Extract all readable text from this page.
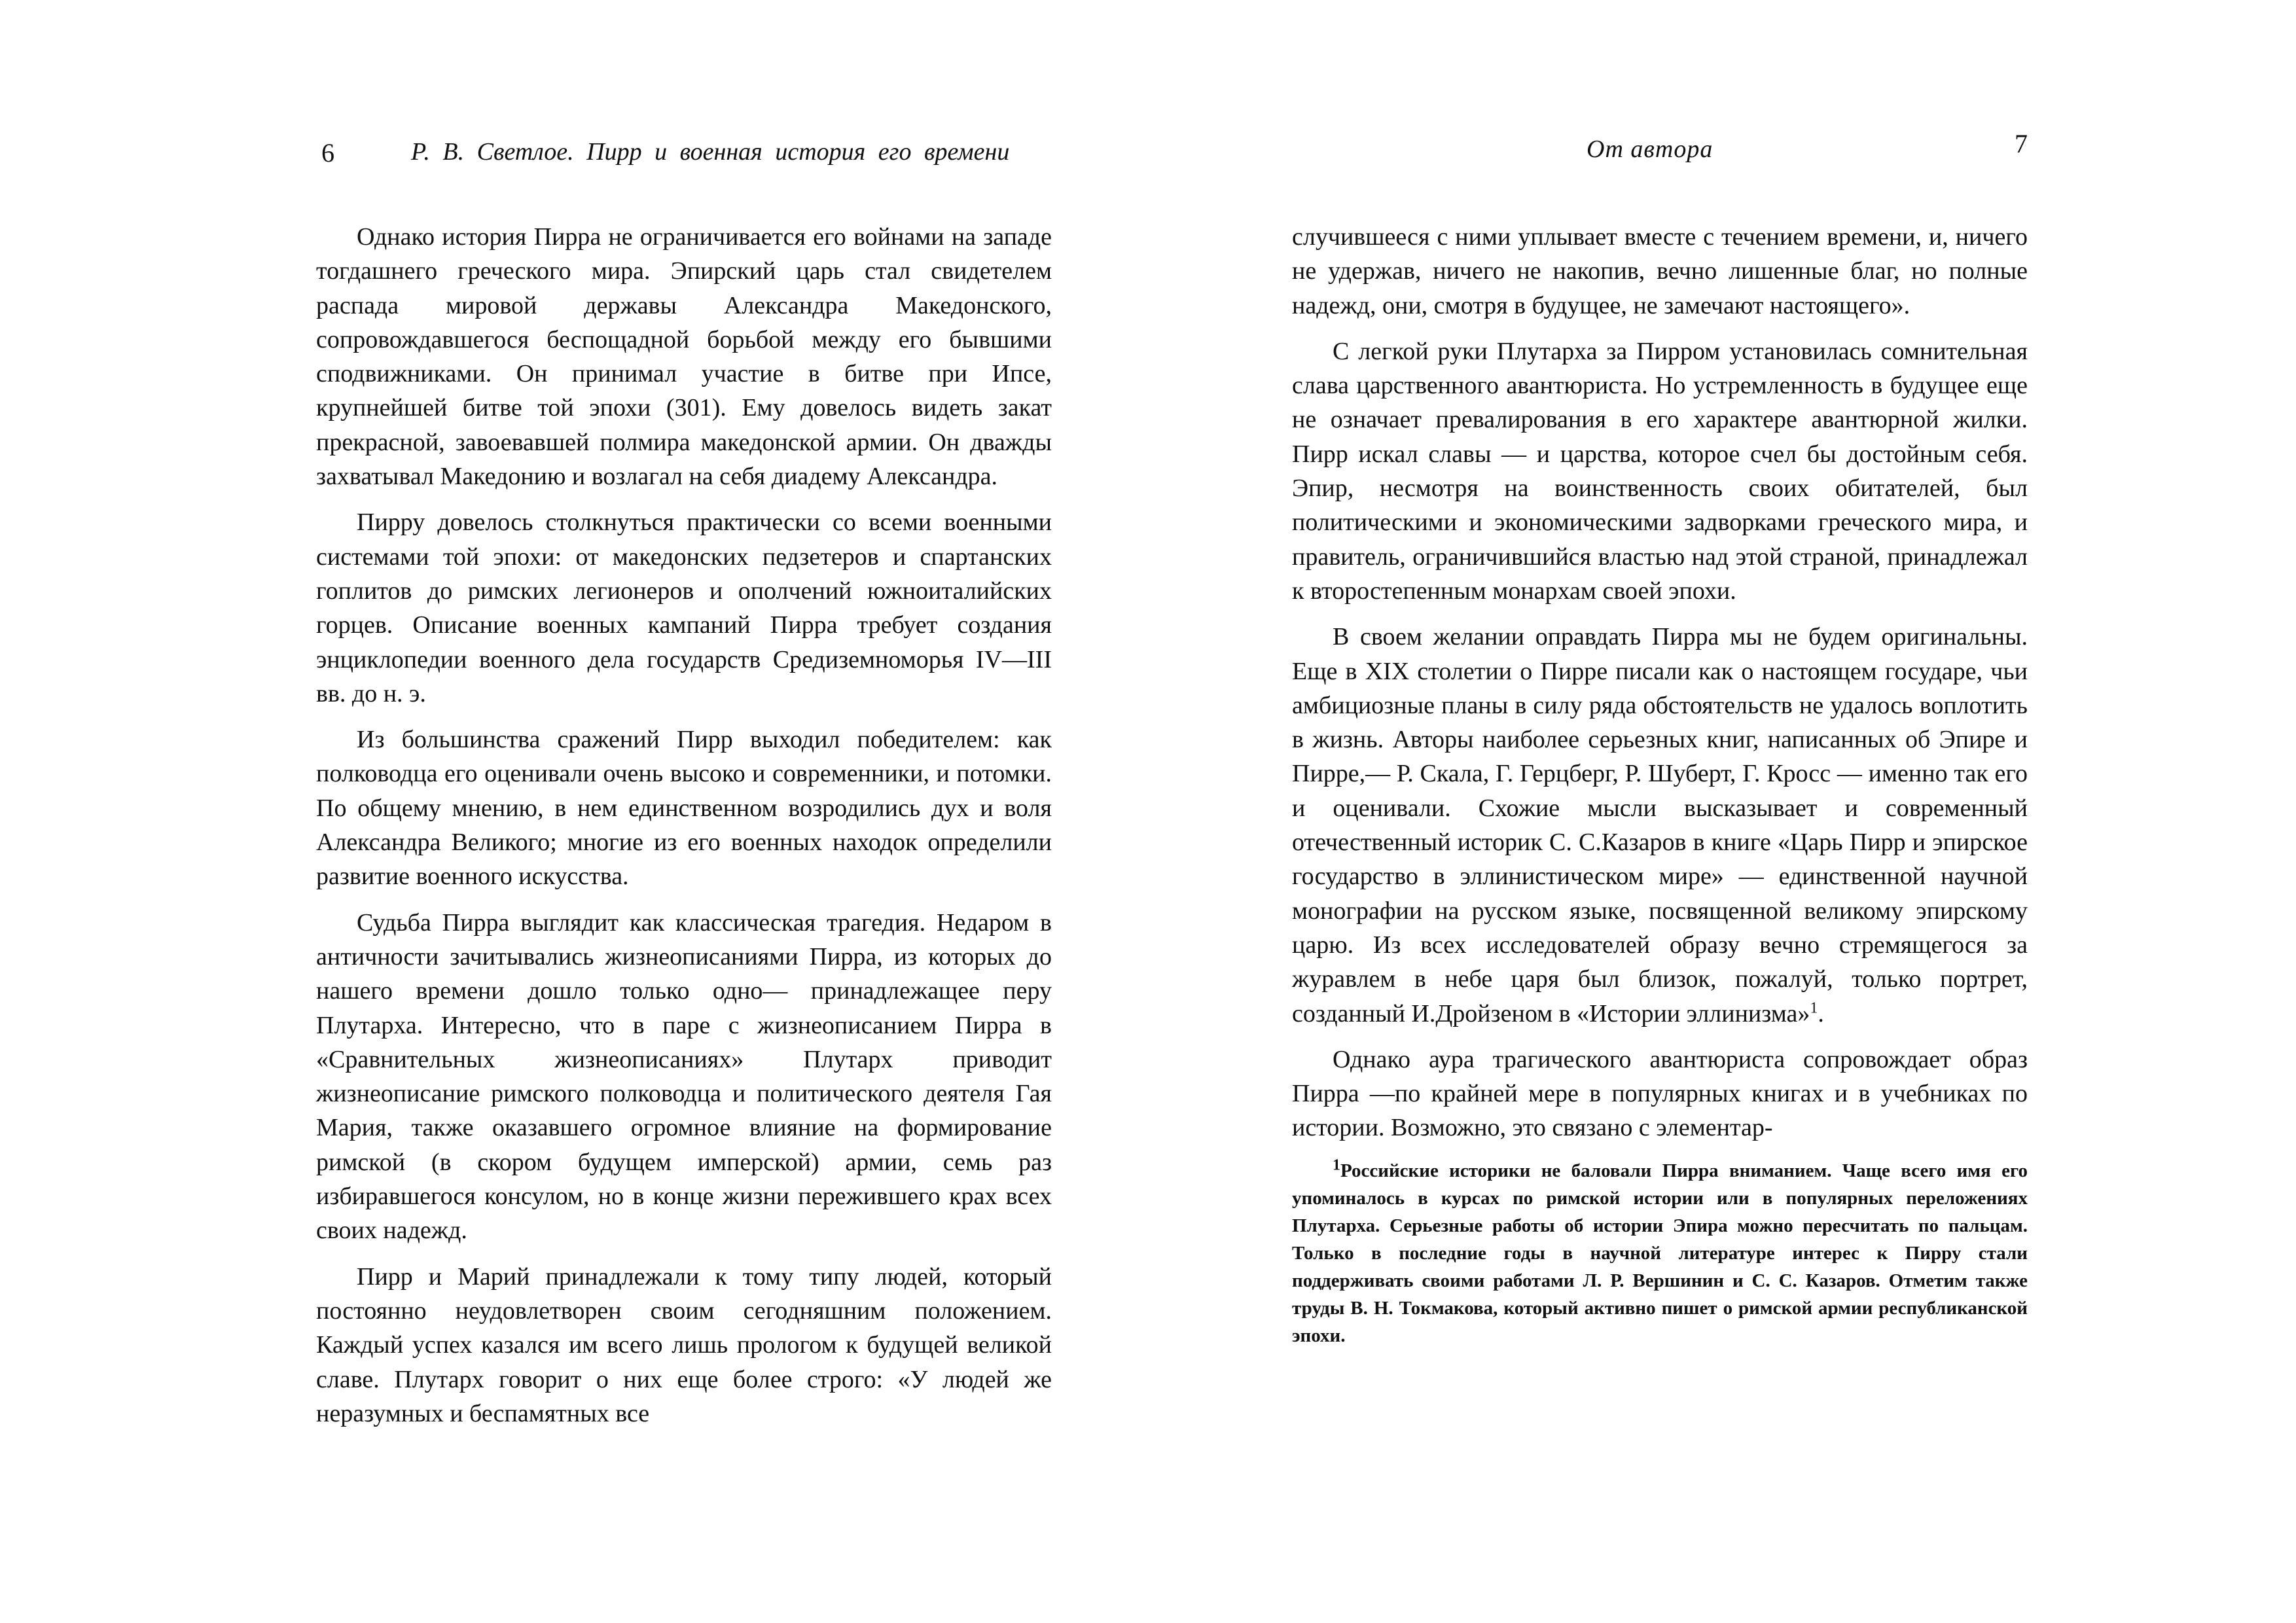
6	Р. В. Светлое. Пирр и военная история его времени

Однако история Пирра не ограничивается его войнами на западе тогдашнего греческого мира. Эпирский царь стал свидетелем распада мировой державы Александра Македонского, сопровождавшегося беспощадной борьбой между его бывшими сподвижниками. Он принимал участие в битве при Ипсе, крупнейшей битве той эпохи (301). Ему довелось видеть закат прекрасной, завоевавшей полмира македонской армии. Он дважды захватывал Македонию и возлагал на себя диадему Александра.

Пирру довелось столкнуться практически со всеми военными системами той эпохи: от македонских педзетеров и спартанских гоплитов до римских легионеров и ополчений южноиталийских горцев. Описание военных кампаний Пирра требует создания энциклопедии военного дела государств Средиземноморья IV—III вв. до н. э.

Из большинства сражений Пирр выходил победителем: как полководца его оценивали очень высоко и современники, и потомки. По общему мнению, в нем единственном возродились дух и воля Александра Великого; многие из его военных находок определили развитие военного искусства.

Судьба Пирра выглядит как классическая трагедия. Недаром в античности зачитывались жизнеописаниями Пирра, из которых до нашего времени дошло только одно— принадлежащее перу Плутарха. Интересно, что в паре с жизнеописанием Пирра в «Сравнительных жизнеописаниях» Плутарх приводит жизнеописание римского полководца и политического деятеля Гая Мария, также оказавшего огромное влияние на формирование римской (в скором будущем имперской) армии, семь раз избиравшегося консулом, но в конце жизни пережившего крах всех своих надежд.

Пирр и Марий принадлежали к тому типу людей, который постоянно неудовлетворен своим сегодняшним положением. Каждый успех казался им всего лишь прологом к будущей великой славе. Плутарх говорит о них еще более строго: «У людей же неразумных и беспамятных все

От автора	7

случившееся с ними уплывает вместе с течением времени, и, ничего не удержав, ничего не накопив, вечно лишенные благ, но полные надежд, они, смотря в будущее, не замечают настоящего».

С легкой руки Плутарха за Пирром установилась сомнительная слава царственного авантюриста. Но устремленность в будущее еще не означает превалирования в его характере авантюрной жилки. Пирр искал славы — и царства, которое счел бы достойным себя. Эпир, несмотря на воинственность своих обитателей, был политическими и экономическими задворками греческого мира, и правитель, ограничившийся властью над этой страной, принадлежал к второстепенным монархам своей эпохи.

В своем желании оправдать Пирра мы не будем оригинальны. Еще в XIX столетии о Пирре писали как о настоящем государе, чьи амбициозные планы в силу ряда обстоятельств не удалось воплотить в жизнь. Авторы наиболее серьезных книг, написанных об Эпире и Пирре,— Р. Скала, Г. Герцберг, Р. Шуберт, Г. Кросс — именно так его и оценивали. Схожие мысли высказывает и современный отечественный историк С. С.Казаров в книге «Царь Пирр и эпирское государство в эллинистическом мире» — единственной научной монографии на русском языке, посвященной великому эпирскому царю. Из всех исследователей образу вечно стремящегося за журавлем в небе царя был близок, пожалуй, только портрет, созданный И.Дройзеном в «Истории эллинизма»$^1$.

Однако аура трагического авантюриста сопровождает образ Пирра —по крайней мере в популярных книгах и в учебниках по истории. Возможно, это связано с элементар-

$^1$Российские историки не баловали Пирра вниманием. Чаще всего имя его упоминалось в курсах по римской истории или в популярных переложениях Плутарха. Серьезные работы об истории Эпира можно пересчитать по пальцам. Только в последние годы в научной литературе интерес к Пирру стали поддерживать своими работами Л. Р. Вершинин и С. С. Казаров. Отметим также труды В. Н. Токмакова, который активно пишет о римской армии республиканской эпохи.
